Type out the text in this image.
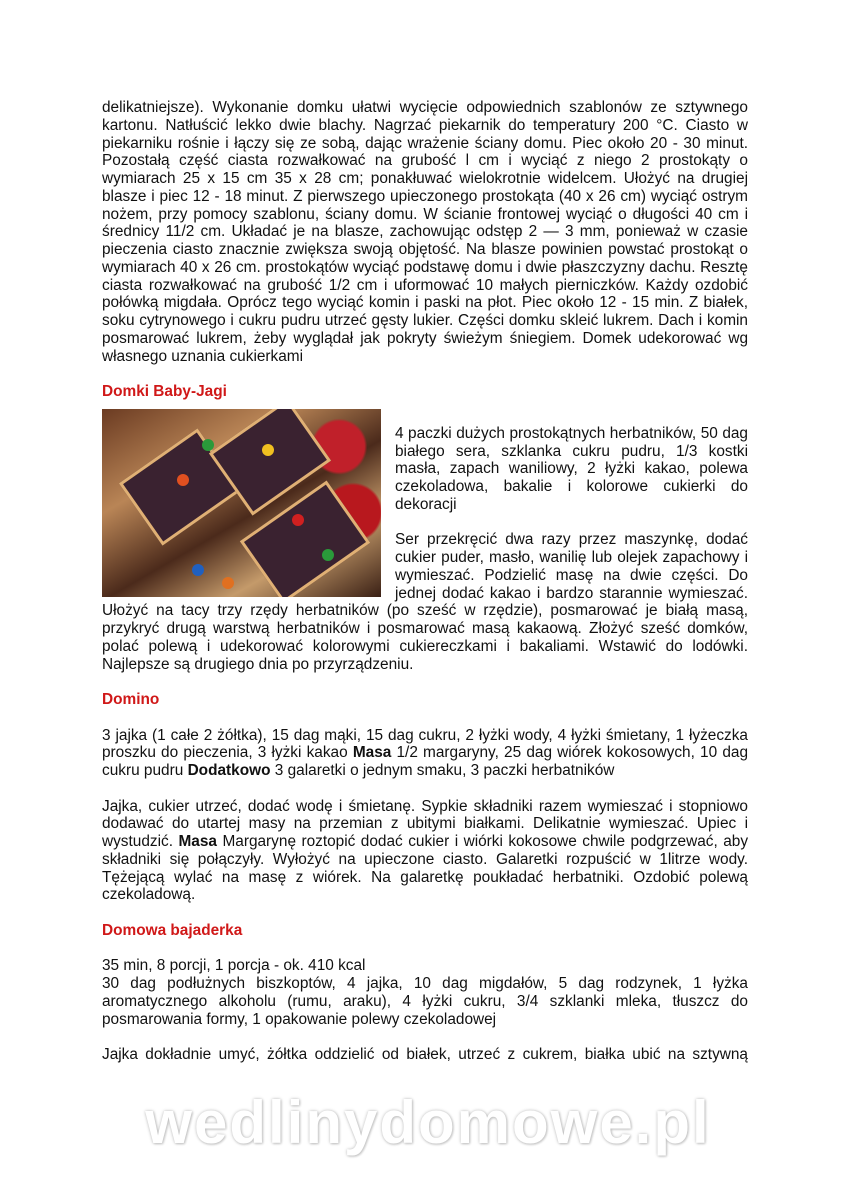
delikatniejsze). Wykonanie domku ułatwi wycięcie odpowiednich szablonów ze sztywnego kartonu. Natłuścić lekko dwie blachy. Nagrzać piekarnik do temperatury 200 °C. Ciasto w piekarniku rośnie i łączy się ze sobą, dając wrażenie ściany domu. Piec około 20 - 30 minut. Pozostałą część ciasta rozwałkować na grubość l cm i wyciąć z niego 2 prostokąty o wymiarach 25 x 15 cm 35 x 28 cm; ponakłuwać wielokrotnie widelcem. Ułożyć na drugiej blasze i piec 12 - 18 minut. Z pierwszego upieczonego prostokąta (40 x 26 cm) wyciąć ostrym nożem, przy pomocy szablonu, ściany domu. W ścianie frontowej wyciąć o długości 40 cm i średnicy 11/2 cm. Układać je na blasze, zachowując odstęp 2 — 3 mm, ponieważ w czasie pieczenia ciasto znacznie zwiększa swoją objętość. Na blasze powinien powstać prostokąt o wymiarach 40 x 26 cm. prostokątów wyciąć podstawę domu i dwie płaszczyzny dachu. Resztę ciasta rozwałkować na grubość 1/2 cm i uformować 10 małych pierniczków. Każdy ozdobić połówką migdała. Oprócz tego wyciąć komin i paski na płot. Piec około 12 - 15 min. Z białek, soku cytrynowego i cukru pudru utrzeć gęsty lukier. Części domku skleić lukrem. Dach i komin posmarować lukrem, żeby wyglądał jak pokryty świeżym śniegiem. Domek udekorować wg własnego uznania cukierkami

Domki Baby-Jagi

4 paczki dużych prostokątnych herbatników, 50 dag białego sera, szklanka cukru pudru, 1/3 kostki masła, zapach waniliowy, 2 łyżki kakao, polewa czekoladowa, bakalie i kolorowe cukierki do dekoracji

Ser przekręcić dwa razy przez maszynkę, dodać cukier puder, masło, wanilię lub olejek zapachowy i wymieszać. Podzielić masę na dwie części. Do jednej dodać kakao i bardzo starannie wymieszać. Ułożyć na tacy trzy rzędy herbatników (po sześć w rzędzie), posmarować je białą masą, przykryć drugą warstwą herbatników i posmarować masą kakaową. Złożyć sześć domków, polać polewą i udekorować kolorowymi cukiereczkami i bakaliami. Wstawić do lodówki. Najlepsze są drugiego dnia po przyrządzeniu.

Domino

3 jajka (1 całe 2 żółtka), 15 dag mąki, 15 dag cukru, 2 łyżki wody, 4 łyżki śmietany, 1 łyżeczka proszku do pieczenia, 3 łyżki kakao Masa 1/2 margaryny, 25 dag wiórek kokosowych, 10 dag cukru pudru Dodatkowo 3 galaretki o jednym smaku, 3 paczki herbatników

Jajka, cukier utrzeć, dodać wodę i śmietanę. Sypkie składniki razem wymieszać i stopniowo dodawać do utartej masy na przemian z ubitymi białkami. Delikatnie wymieszać. Upiec i wystudzić. Masa Margarynę roztopić dodać cukier i wiórki kokosowe chwile podgrzewać, aby składniki się połączyły. Wyłożyć na upieczone ciasto. Galaretki rozpuścić w 1litrze wody. Tężejącą wylać na masę z wiórek. Na galaretkę poukładać herbatniki. Ozdobić polewą czekoladową.

Domowa bajaderka

35 min, 8 porcji, 1 porcja - ok. 410 kcal

30 dag podłużnych biszkoptów, 4 jajka, 10 dag migdałów, 5 dag rodzynek, 1 łyżka aromatycznego alkoholu (rumu, araku), 4 łyżki cukru, 3/4 szklanki mleka, tłuszcz do posmarowania formy, 1 opakowanie polewy czekoladowej

Jajka dokładnie umyć, żółtka oddzielić od białek, utrzeć z cukrem, białka ubić na sztywną

wedlinydomowe.pl
